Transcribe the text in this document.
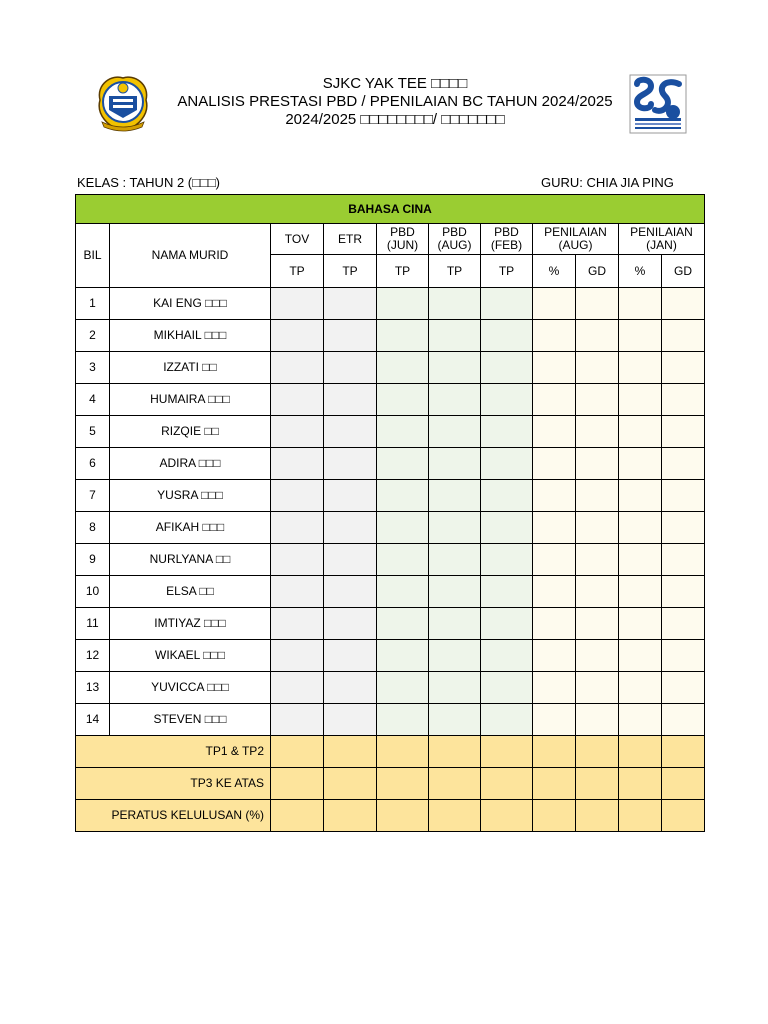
SJKC YAK TEE □□□□
ANALISIS PRESTASI PBD / PPENILAIAN BC TAHUN 2024/2025
2024/2025 □□□□□□□□/ □□□□□□□
KELAS : TAHUN 2 (□□□)	GURU: CHIA JIA PING
BAHASA CINA										
BIL	NAMA MURID	TOV	ETR	PBD (JUN)	PBD (AUG)	PBD (FEB)	PENILAIAN (AUG)		PENILAIAN (JAN)	
		TP	TP	TP	TP	TP	%	GD	%	GD
1	KAI ENG □□□									
2	MIKHAIL □□□									
3	IZZATI □□									
4	HUMAIRA □□□									
5	RIZQIE □□									
6	ADIRA □□□									
7	YUSRA □□□									
8	AFIKAH □□□									
9	NURLYANA □□									
10	ELSA □□									
11	IMTIYAZ □□□									
12	WIKAEL □□□									
13	YUVICCA □□□									
14	STEVEN □□□									
TP1 & TP2										
TP3 KE ATAS										
PERATUS KELULUSAN (%)										
